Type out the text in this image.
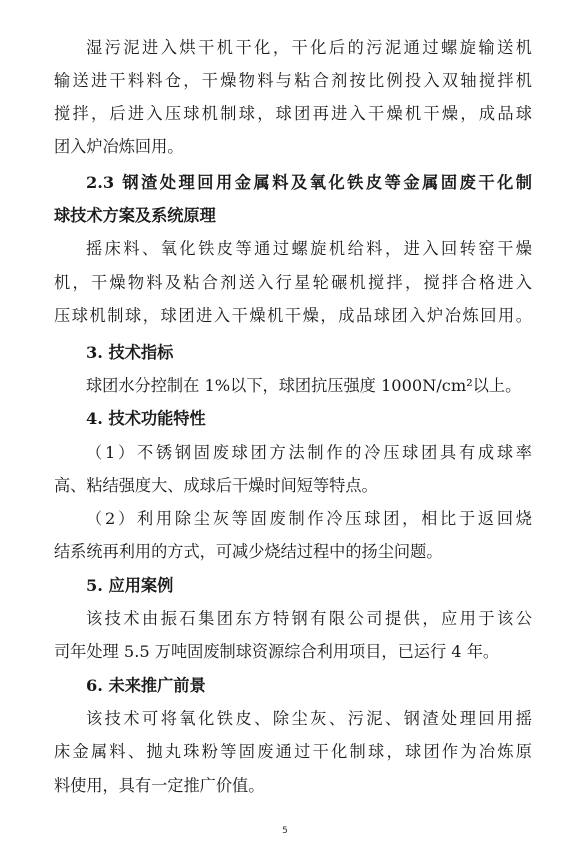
湿污泥进入烘干机干化，干化后的污泥通过螺旋输送机
输送进干料料仓，干燥物料与粘合剂按比例投入双轴搅拌机
搅拌，后进入压球机制球，球团再进入干燥机干燥，成品球
团入炉冶炼回用。
2.3 钢渣处理回用金属料及氧化铁皮等金属固废干化制
球技术方案及系统原理
摇床料、氧化铁皮等通过螺旋机给料，进入回转窑干燥
机，干燥物料及粘合剂送入行星轮碾机搅拌，搅拌合格进入
压球机制球，球团进入干燥机干燥，成品球团入炉冶炼回用。
3. 技术指标
球团水分控制在 1%以下，球团抗压强度 1000N/cm²以上。
4. 技术功能特性
（1）不锈钢固废球团方法制作的冷压球团具有成球率
高、粘结强度大、成球后干燥时间短等特点。
（2）利用除尘灰等固废制作冷压球团，相比于返回烧
结系统再利用的方式，可减少烧结过程中的扬尘问题。
5. 应用案例
该技术由振石集团东方特钢有限公司提供，应用于该公
司年处理 5.5 万吨固废制球资源综合利用项目，已运行 4 年。
6. 未来推广前景
该技术可将氧化铁皮、除尘灰、污泥、钢渣处理回用摇
床金属料、抛丸珠粉等固废通过干化制球，球团作为冶炼原
料使用，具有一定推广价值。
5
